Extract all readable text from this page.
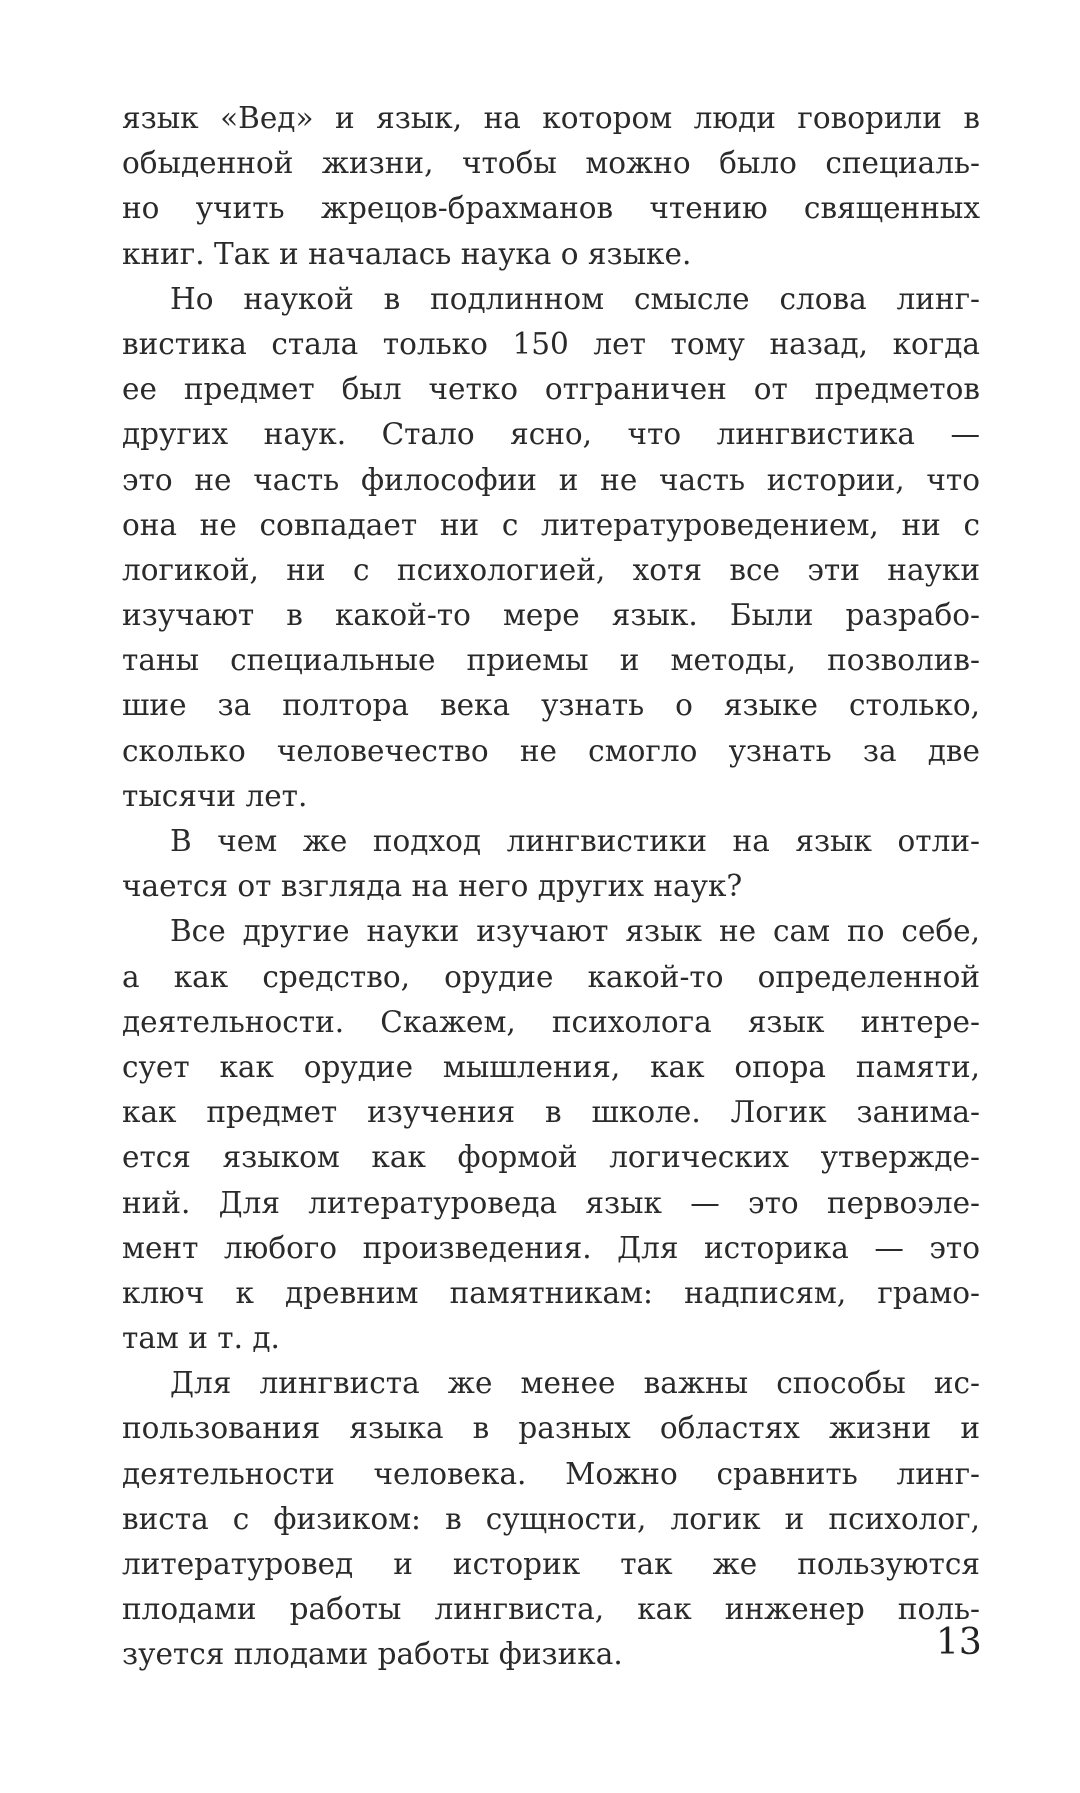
язык «Вед» и язык, на котором люди говорили в
обыденной жизни, чтобы можно было специаль-
но учить жрецов-брахманов чтению священных
книг. Так и началась наука о языке.
Но наукой в подлинном смысле слова линг-
вистика стала только 150 лет тому назад, когда
ее предмет был четко отграничен от предметов
других наук. Стало ясно, что лингвистика —
это не часть философии и не часть истории, что
она не совпадает ни с литературоведением, ни с
логикой, ни с психологией, хотя все эти науки
изучают в какой-то мере язык. Были разрабо-
таны специальные приемы и методы, позволив-
шие за полтора века узнать о языке столько,
сколько человечество не смогло узнать за две
тысячи лет.
В чем же подход лингвистики на язык отли-
чается от взгляда на него других наук?
Все другие науки изучают язык не сам по себе,
а как средство, орудие какой-то определенной
деятельности. Скажем, психолога язык интере-
сует как орудие мышления, как опора памяти,
как предмет изучения в школе. Логик занима-
ется языком как формой логических утвержде-
ний. Для литературоведа язык — это первоэле-
мент любого произведения. Для историка — это
ключ к древним памятникам: надписям, грамо-
там и т. д.
Для лингвиста же менее важны способы ис-
пользования языка в разных областях жизни и
деятельности человека. Можно сравнить линг-
виста с физиком: в сущности, логик и психолог,
литературовед и историк так же пользуются
плодами работы лингвиста, как инженер поль-
зуется плодами работы физика.	13
